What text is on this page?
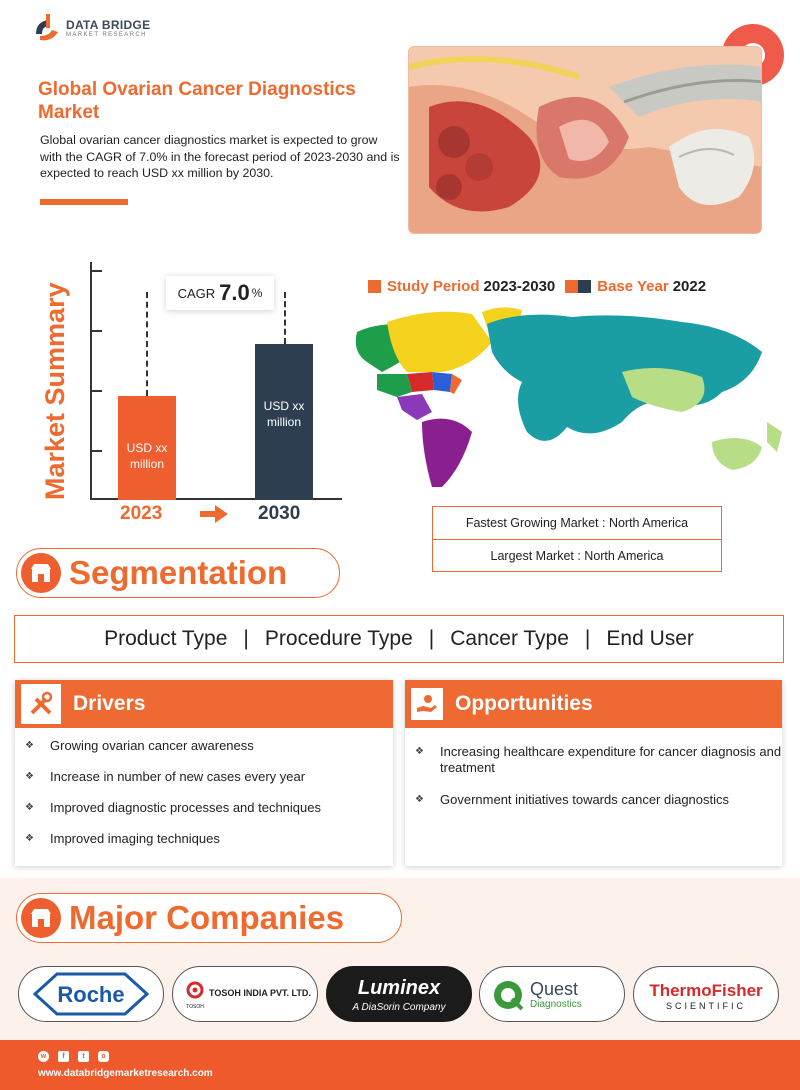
DATA BRIDGE
MARKET RESEARCH
Global Ovarian Cancer Diagnostics Market
Global ovarian cancer diagnostics market is expected to grow with the CAGR of 7.0% in the forecast period of 2023-2030 and is expected to reach USD xx million by 2030.
Market Summary	CAGR 7.0 %
USD xx million
USD xx million
2023	2030
Study Period 2023-2030	Base Year 2022
Fastest Growing Market : North America
Largest Market : North America
Segmentation
Product Type | Procedure Type | Cancer Type | End User
Drivers
❖ Growing ovarian cancer awareness
❖ Increase in number of new cases every year
❖ Improved diagnostic processes and techniques
❖ Improved imaging techniques
Opportunities
❖ Increasing healthcare expenditure for cancer diagnosis and treatment
❖ Government initiatives towards cancer diagnostics
Major Companies
Roche	TOSOH
TOSOH INDIA PVT. LTD. Luminex
A DiaSorin Company
Quest
Diagnostics
ThermoFisher
SCIENTIFIC
w	f	t	o
www.databridgemarketresearch.com
